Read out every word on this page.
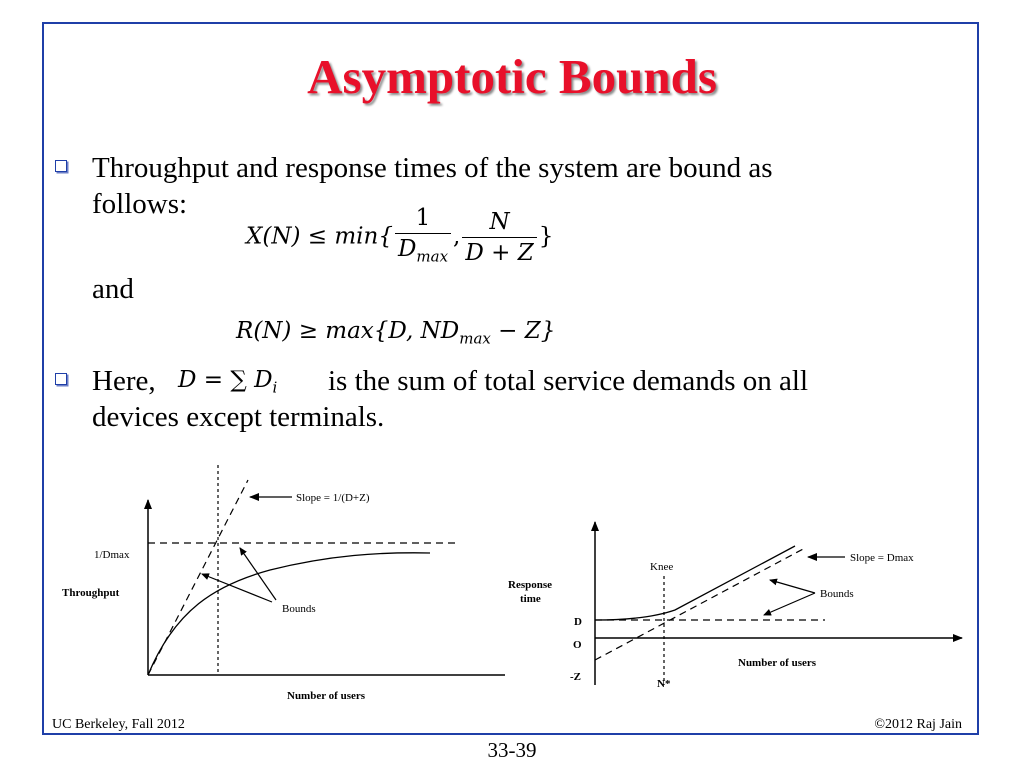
Asymptotic Bounds

Throughput and response times of the system are bound as

follows:

$X(N) \le \min\{ \frac{1}{D_{max}}$ , $\frac{N}{D + Z}$ }

and

R(N) ≥ max{D, $ND_{max} - Z$}

Here, D = ∑ $D_i$ is the sum of total service demands on all

devices except terminals.

Slope = 1/(D+Z)
1/Dmax
Throughput
Bounds
Number of users
Slope = Dmax
Bounds
Knee
Response
time
D
O
-Z
N*
Number of users
UC Berkeley, Fall 2012	©2012 Raj Jain
33-39
